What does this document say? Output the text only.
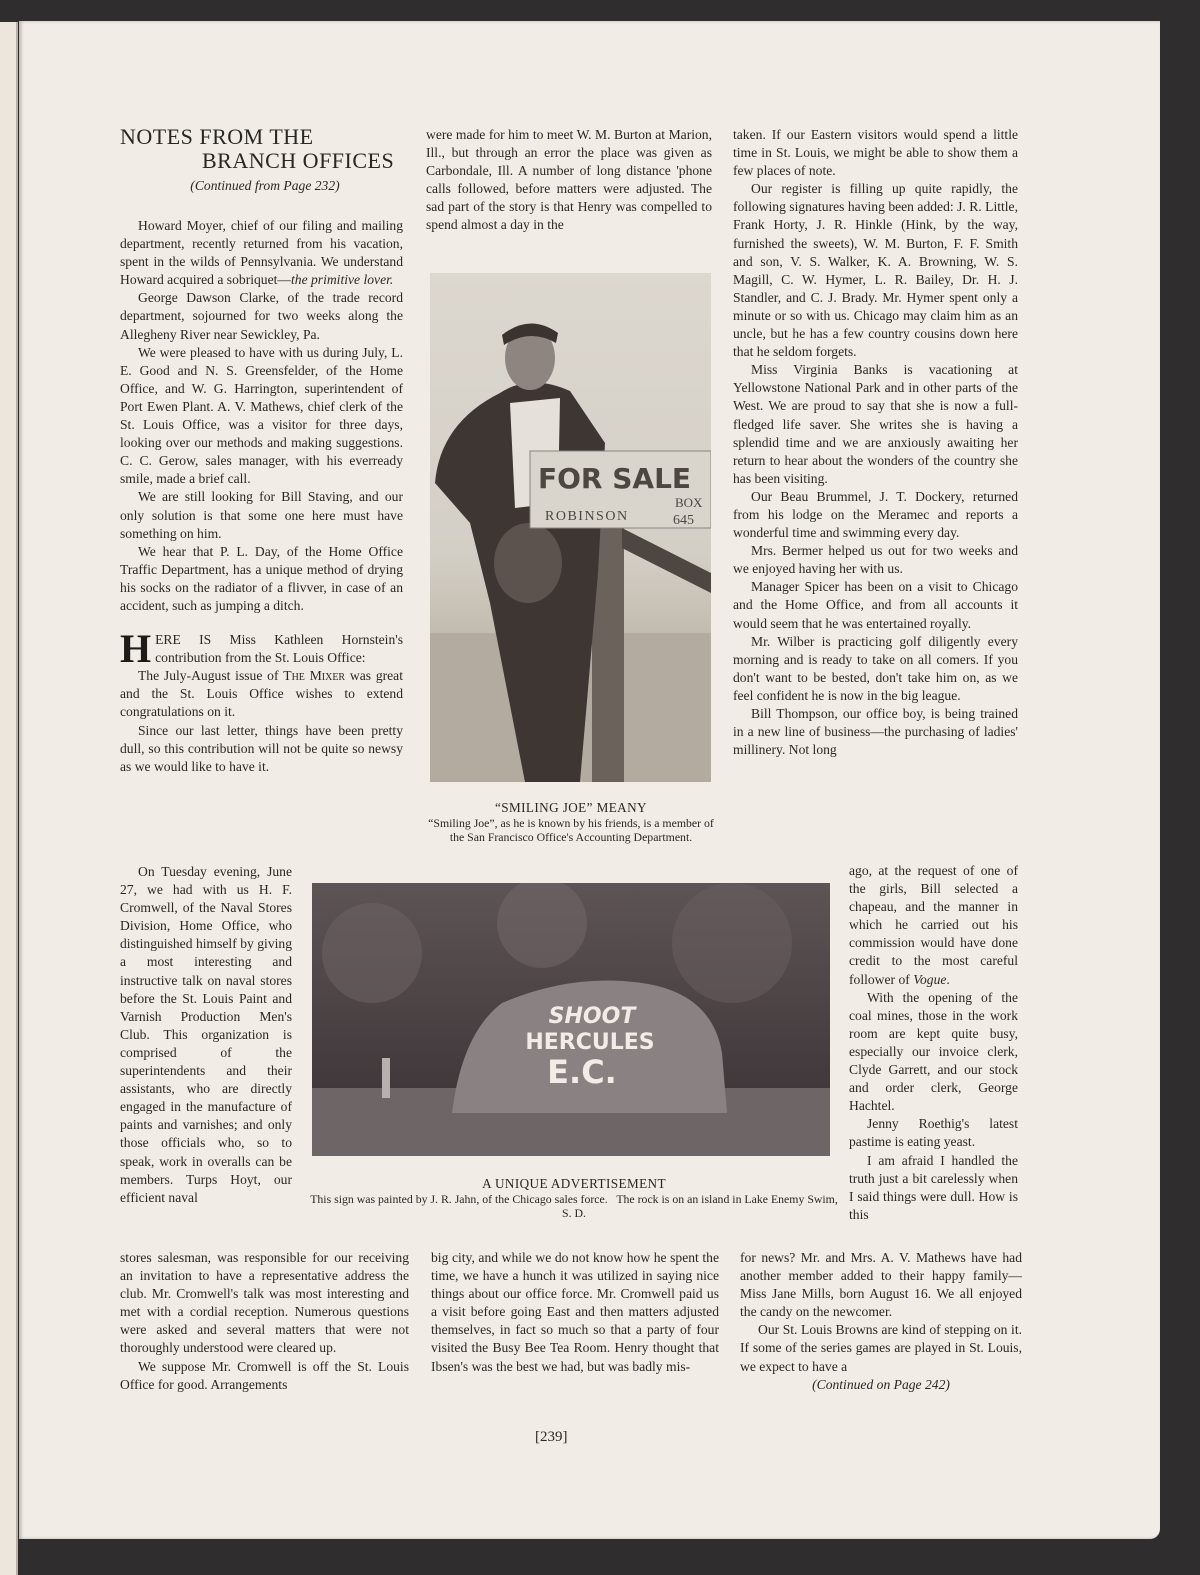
NOTES FROM THE
BRANCH OFFICES
(Continued from Page 232)

Howard Moyer, chief of our filing and mailing department, recently returned from his vacation, spent in the wilds of Pennsylvania. We understand Howard acquired a sobriquet—the primitive lover.

George Dawson Clarke, of the trade record department, sojourned for two weeks along the Allegheny River near Sewickley, Pa.

We were pleased to have with us during July, L. E. Good and N. S. Greensfelder, of the Home Office, and W. G. Harrington, superintendent of Port Ewen Plant. A. V. Mathews, chief clerk of the St. Louis Office, was a visitor for three days, looking over our methods and making suggestions. C. C. Gerow, sales manager, with his everready smile, made a brief call.

We are still looking for Bill Staving, and our only solution is that some one here must have something on him.

We hear that P. L. Day, of the Home Office Traffic Department, has a unique method of drying his socks on the radiator of a flivver, in case of an accident, such as jumping a ditch.

HERE IS Miss Kathleen Hornstein's contribution from the St. Louis Office:

The July-August issue of The Mixer was great and the St. Louis Office wishes to extend congratulations on it.

Since our last letter, things have been pretty dull, so this contribution will not be quite so newsy as we would like to have it.

On Tuesday evening, June 27, we had with us H. F. Cromwell, of the Naval Stores Division, Home Office, who distinguished himself by giving a most interesting and instructive talk on naval stores before the St. Louis Paint and Varnish Production Men's Club. This organization is comprised of the superintendents and their assistants, who are directly engaged in the manufacture of paints and varnishes; and only those officials who, so to speak, work in overalls can be members. Turps Hoyt, our efficient naval

stores salesman, was responsible for our receiving an invitation to have a representative address the club. Mr. Cromwell's talk was most interesting and met with a cordial reception. Numerous questions were asked and several matters that were not thoroughly understood were cleared up.

We suppose Mr. Cromwell is off the St. Louis Office for good. Arrangements

were made for him to meet W. M. Burton at Marion, Ill., but through an error the place was given as Carbondale, Ill. A number of long distance 'phone calls followed, before matters were adjusted. The sad part of the story is that Henry was compelled to spend almost a day in the

FOR SALE
ROBINSON
BOX
645
“SMILING JOE” MEANY
“Smiling Joe”, as he is known by his friends, is a member of the San Francisco Office's Accounting Department.
SHOOT
HERCULES
E.C.
A UNIQUE ADVERTISEMENT
This sign was painted by J. R. Jahn, of the Chicago sales force.   The rock is on an island in Lake Enemy Swim, S. D.

big city, and while we do not know how he spent the time, we have a hunch it was utilized in saying nice things about our office force. Mr. Cromwell paid us a visit before going East and then matters adjusted themselves, in fact so much so that a party of four visited the Busy Bee Tea Room. Henry thought that Ibsen's was the best we had, but was badly mis-

taken. If our Eastern visitors would spend a little time in St. Louis, we might be able to show them a few places of note.

Our register is filling up quite rapidly, the following signatures having been added: J. R. Little, Frank Horty, J. R. Hinkle (Hink, by the way, furnished the sweets), W. M. Burton, F. F. Smith and son, V. S. Walker, K. A. Browning, W. S. Magill, C. W. Hymer, L. R. Bailey, Dr. H. J. Standler, and C. J. Brady. Mr. Hymer spent only a minute or so with us. Chicago may claim him as an uncle, but he has a few country cousins down here that he seldom forgets.

Miss Virginia Banks is vacationing at Yellowstone National Park and in other parts of the West. We are proud to say that she is now a full-fledged life saver. She writes she is having a splendid time and we are anxiously awaiting her return to hear about the wonders of the country she has been visiting.

Our Beau Brummel, J. T. Dockery, returned from his lodge on the Meramec and reports a wonderful time and swimming every day.

Mrs. Bermer helped us out for two weeks and we enjoyed having her with us.

Manager Spicer has been on a visit to Chicago and the Home Office, and from all accounts it would seem that he was entertained royally.

Mr. Wilber is practicing golf diligently every morning and is ready to take on all comers. If you don't want to be bested, don't take him on, as we feel confident he is now in the big league.

Bill Thompson, our office boy, is being trained in a new line of business—the purchasing of ladies' millinery. Not long

ago, at the request of one of the girls, Bill selected a chapeau, and the manner in which he carried out his commission would have done credit to the most careful follower of Vogue.

With the opening of the coal mines, those in the work room are kept quite busy, especially our invoice clerk, Clyde Garrett, and our stock and order clerk, George Hachtel.

Jenny Roethig's latest pastime is eating yeast.

I am afraid I handled the truth just a bit carelessly when I said things were dull. How is this

for news? Mr. and Mrs. A. V. Mathews have had another member added to their happy family—Miss Jane Mills, born August 16. We all enjoyed the candy on the newcomer.

Our St. Louis Browns are kind of stepping on it. If some of the series games are played in St. Louis, we expect to have a

(Continued on Page 242)
[239]
